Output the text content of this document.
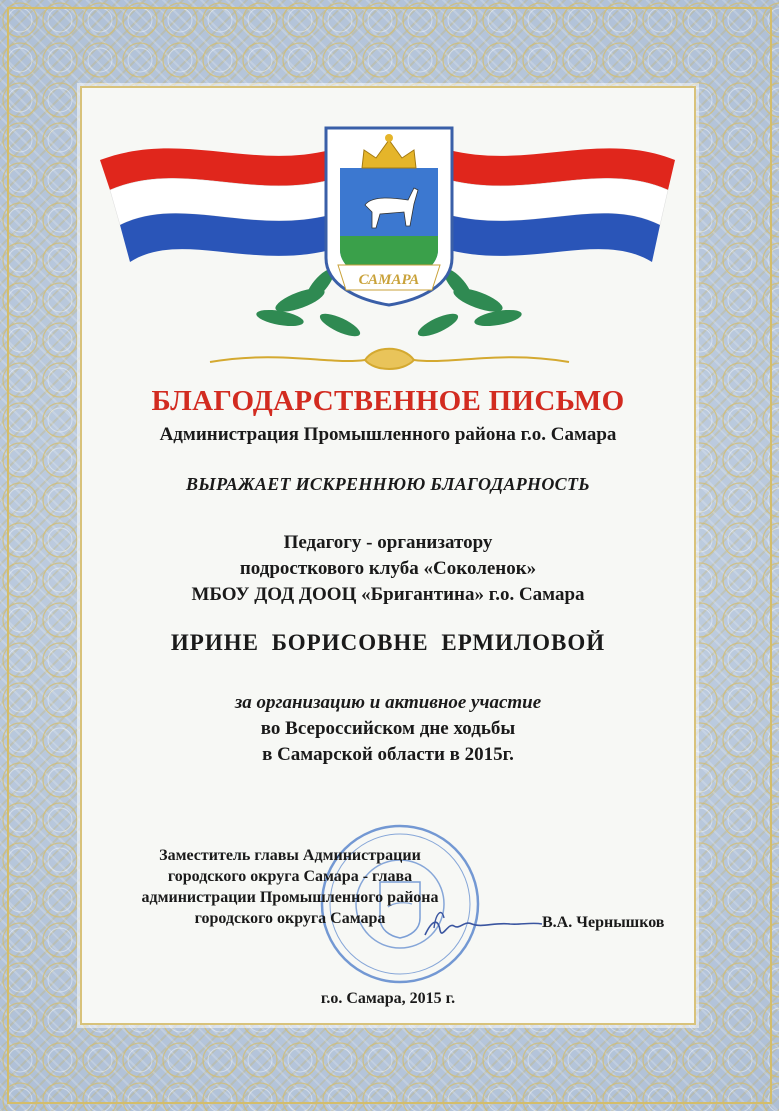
САМАРА
БЛАГОДАРСТВЕННОЕ ПИСЬМО
Администрация Промышленного района г.о. Самара
ВЫРАЖАЕТ ИСКРЕННЮЮ БЛАГОДАРНОСТЬ
Педагогу - организатору
подросткового клуба «Соколенок»
МБОУ ДОД ДООЦ «Бригантина» г.о. Самара
ИРИНЕ БОРИСОВНЕ ЕРМИЛОВОЙ
за организацию и активное участие
во Всероссийском дне ходьбы
в Самарской области в 2015г.
Заместитель главы Администрации
городского округа Самара - глава
администрации Промышленного района
городского округа Самара	В.А. Чернышков
г.о. Самара, 2015 г.
